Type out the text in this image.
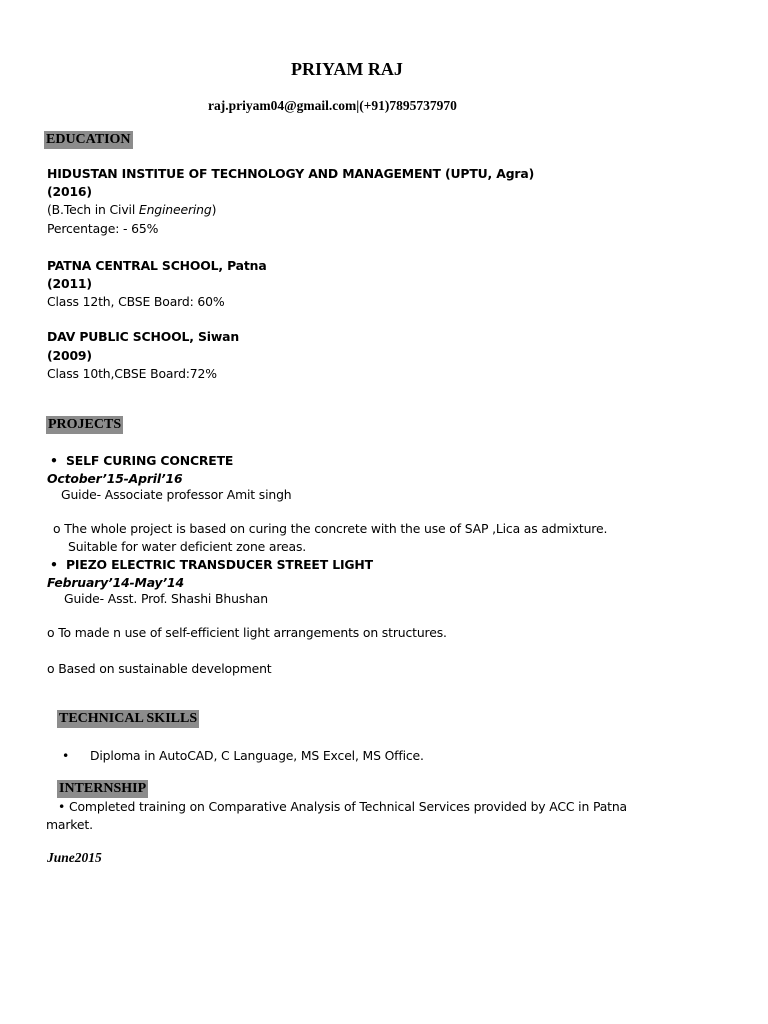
PRIYAM RAJ
raj.priyam04@gmail.com|(+91)7895737970
EDUCATION
HIDUSTAN INSTITUE OF TECHNOLOGY AND MANAGEMENT (UPTU, Agra)
(2016)
(B.Tech in Civil Engineering)
Percentage: - 65%
PATNA CENTRAL SCHOOL, Patna
(2011)
Class 12th, CBSE Board: 60%
DAV PUBLIC SCHOOL, Siwan
(2009)
Class 10th,CBSE Board:72%
PROJECTS
• SELF CURING CONCRETE
October’15-April’16
Guide- Associate professor Amit singh
o The whole project is based on curing the concrete with the use of SAP ,Lica as admixture.
Suitable for water deficient zone areas.
• PIEZO ELECTRIC TRANSDUCER STREET LIGHT
February’14-May’14
Guide- Asst. Prof. Shashi Bhushan
o To made n use of self-efficient light arrangements on structures.
o Based on sustainable development
TECHNICAL SKILLS
• Diploma in AutoCAD, C Language, MS Excel, MS Office.
INTERNSHIP
• Completed training on Comparative Analysis of Technical Services provided by ACC in Patna
market.
June2015
